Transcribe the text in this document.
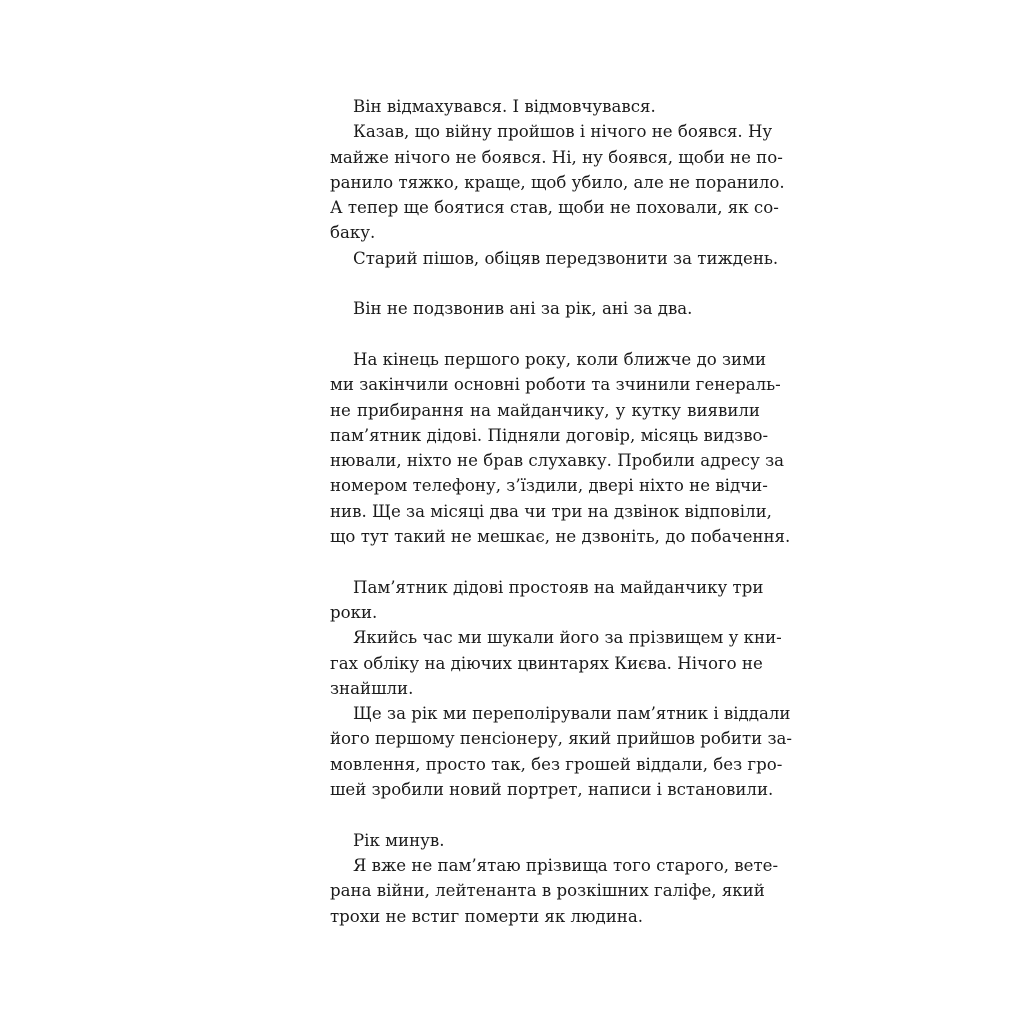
Він відмахувався. І відмовчувався.
Казав, що війну пройшов і нічого не боявся. Ну
майже нічого не боявся. Ні, ну боявся, щоби не по-
ранило тяжко, краще, щоб убило, але не поранило.
А тепер ще боятися став, щоби не поховали, як со-
баку.
Старий пішов, обіцяв передзвонити за тиждень.
Він не подзвонив ані за рік, ані за два.
На кінець першого року, коли ближче до зими
ми закінчили основні роботи та зчинили генераль-
не прибирання на майданчику, у кутку виявили
пам’ятник дідові. Підняли договір, місяць видзво-
нювали, ніхто не брав слухавку. Пробили адресу за
номером телефону, з’їздили, двері ніхто не відчи-
нив. Ще за місяці два чи три на дзвінок відповіли,
що тут такий не мешкає, не дзвоніть, до побачення.
Пам’ятник дідові простояв на майданчику три
роки.
Якийсь час ми шукали його за прізвищем у кни-
гах обліку на діючих цвинтарях Києва. Нічого не
знайшли.
Ще за рік ми переполірували пам’ятник і віддали
його першому пенсіонеру, який прийшов робити за-
мовлення, просто так, без грошей віддали, без гро-
шей зробили новий портрет, написи і встановили.
Рік минув.
Я вже не пам’ятаю прізвища того старого, вете-
рана війни, лейтенанта в розкішних галіфе, який
трохи не встиг померти як людина.
